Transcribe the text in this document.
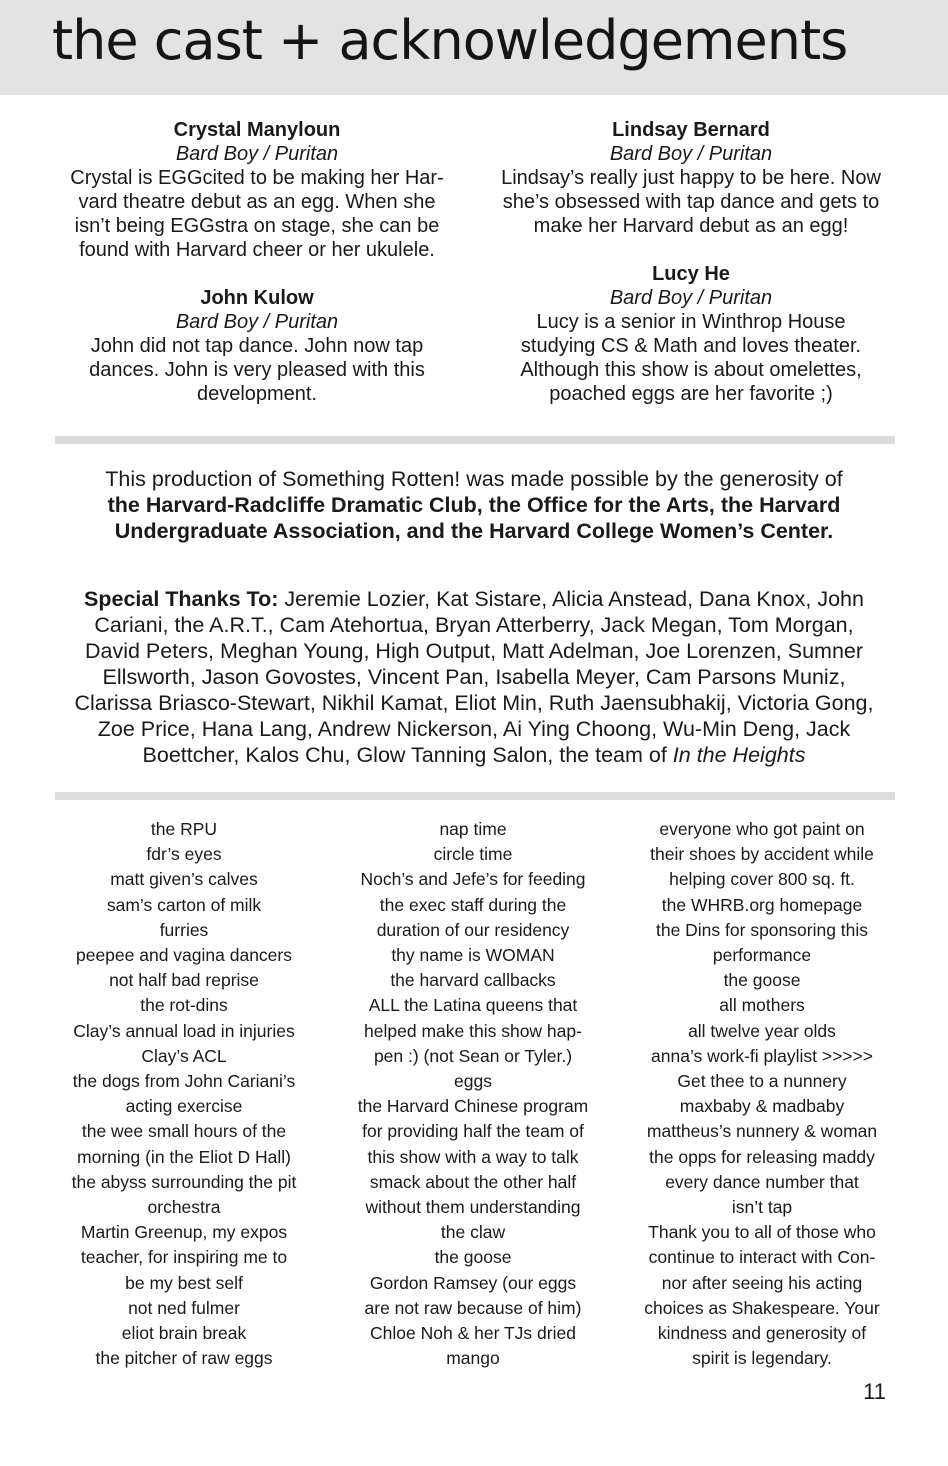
the cast + acknowledgements
Crystal Manyloun
Bard Boy / Puritan
Crystal is EGGcited to be making her Har-
vard theatre debut as an egg. When she
isn’t being EGGstra on stage, she can be
found with Harvard cheer or her ukulele.
John Kulow
Bard Boy / Puritan
John did not tap dance. John now tap
dances. John is very pleased with this
development.
Lindsay Bernard
Bard Boy / Puritan
Lindsay’s really just happy to be here. Now
she’s obsessed with tap dance and gets to
make her Harvard debut as an egg!
Lucy He
Bard Boy / Puritan
Lucy is a senior in Winthrop House
studying CS & Math and loves theater.
Although this show is about omelettes,
poached eggs are her favorite ;)
This production of Something Rotten! was made possible by the generosity of
the Harvard-Radcliffe Dramatic Club, the Office for the Arts, the Harvard
Undergraduate Association, and the Harvard College Women’s Center.
Special Thanks To: Jeremie Lozier, Kat Sistare, Alicia Anstead, Dana Knox, John
Cariani, the A.R.T., Cam Atehortua, Bryan Atterberry, Jack Megan, Tom Morgan,
David Peters, Meghan Young, High Output, Matt Adelman, Joe Lorenzen, Sumner
Ellsworth, Jason Govostes, Vincent Pan, Isabella Meyer, Cam Parsons Muniz,
Clarissa Briasco-Stewart, Nikhil Kamat, Eliot Min, Ruth Jaensubhakij, Victoria Gong,
Zoe Price, Hana Lang, Andrew Nickerson, Ai Ying Choong, Wu-Min Deng, Jack
Boettcher, Kalos Chu, Glow Tanning Salon, the team of In the Heights
the RPU
fdr’s eyes
matt given’s calves
sam’s carton of milk
furries
peepee and vagina dancers
not half bad reprise
the rot-dins
Clay’s annual load in injuries
Clay’s ACL
the dogs from John Cariani’s
acting exercise
the wee small hours of the
morning (in the Eliot D Hall)
the abyss surrounding the pit
orchestra
Martin Greenup, my expos
teacher, for inspiring me to
be my best self
not ned fulmer
eliot brain break
the pitcher of raw eggs
nap time
circle time
Noch’s and Jefe’s for feeding
the exec staff during the
duration of our residency
thy name is WOMAN
the harvard callbacks
ALL the Latina queens that
helped make this show hap-
pen :) (not Sean or Tyler.)
eggs
the Harvard Chinese program
for providing half the team of
this show with a way to talk
smack about the other half
without them understanding
the claw
the goose
Gordon Ramsey (our eggs
are not raw because of him)
Chloe Noh & her TJs dried
mango
everyone who got paint on
their shoes by accident while
helping cover 800 sq. ft.
the WHRB.org homepage
the Dins for sponsoring this
performance
the goose
all mothers
all twelve year olds
anna’s work-fi playlist >>>>>
Get thee to a nunnery
maxbaby & madbaby
mattheus’s nunnery & woman
the opps for releasing maddy
every dance number that
isn’t tap
Thank you to all of those who
continue to interact with Con-
nor after seeing his acting
choices as Shakespeare. Your
kindness and generosity of
spirit is legendary.
11
